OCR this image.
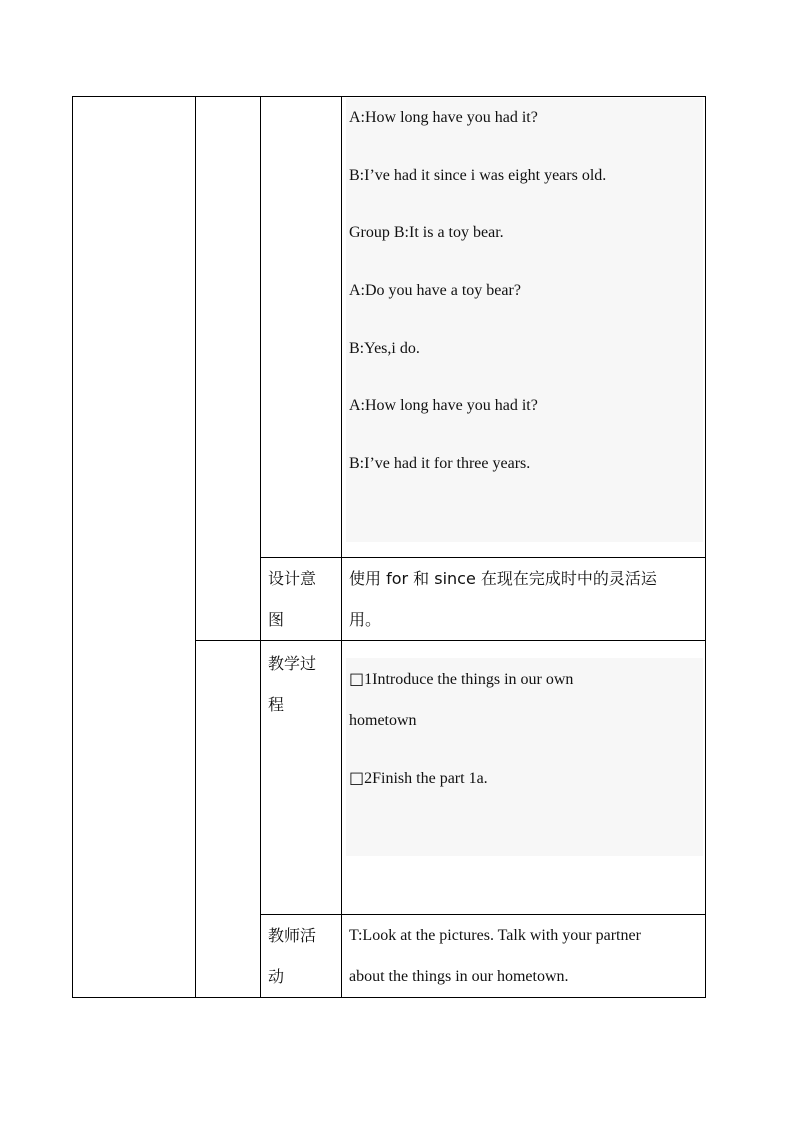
A:How long have you had it?
B:I’ve had it since i was eight years old.
Group B:It is a toy bear.
A:Do you have a toy bear?
B:Yes,i do.
A:How long have you had it?
B:I’ve had it for three years.
设计意
图
使用 for 和 since 在现在完成时中的灵活运
用。
教学过
程
□1Introduce the things in our own
hometown
□2Finish the part 1a.
教师活
动
T:Look at the pictures. Talk with your partner
about the things in our hometown.
